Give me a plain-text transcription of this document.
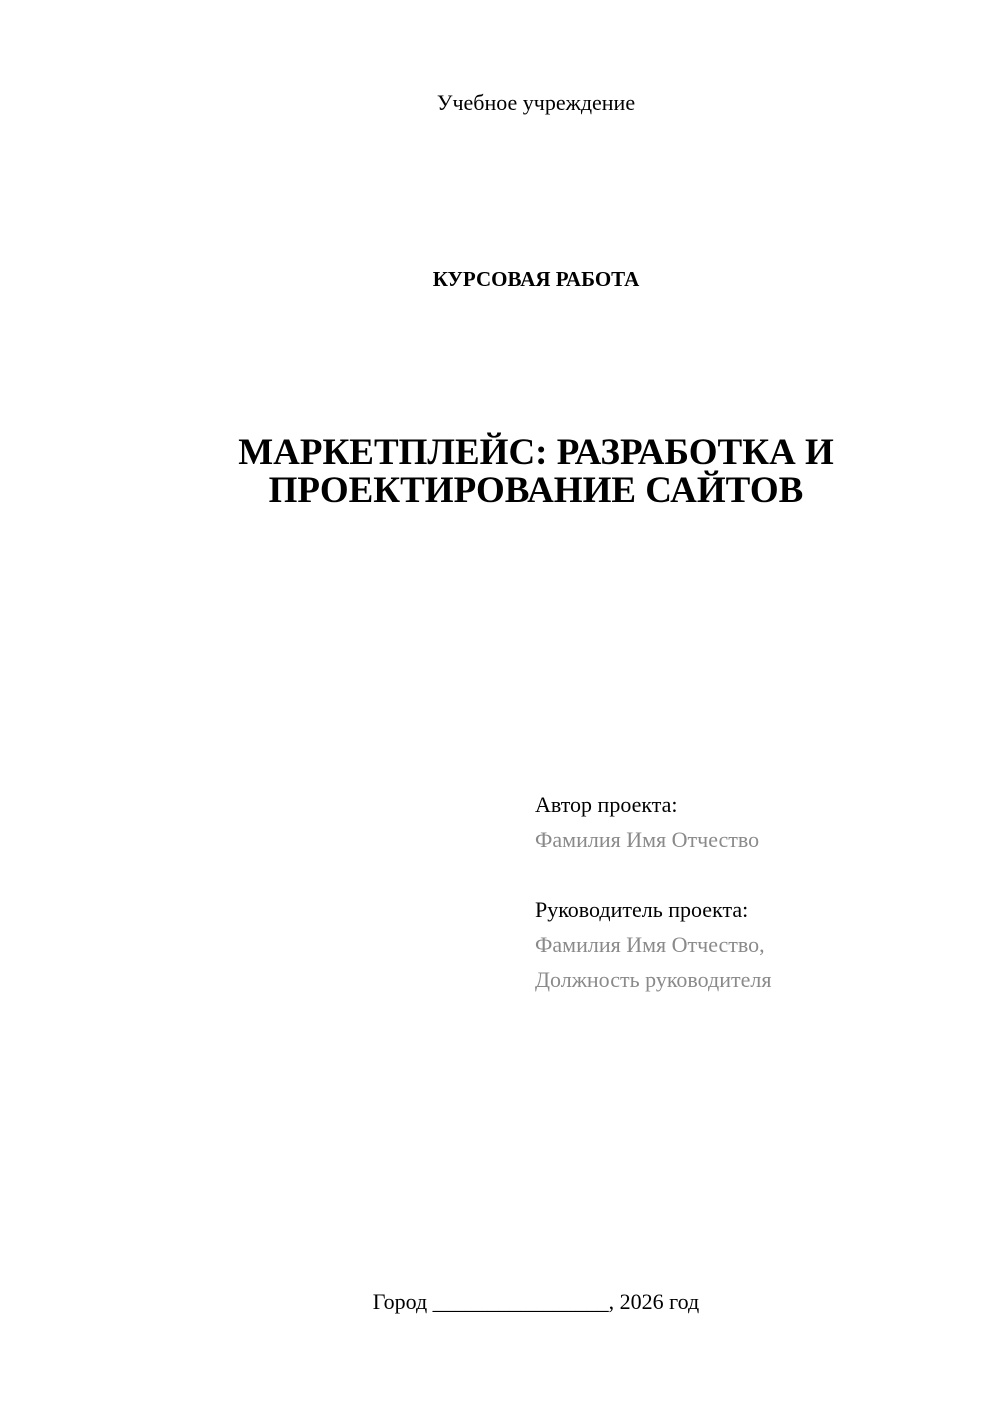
Учебное учреждение
КУРСОВАЯ РАБОТА
МАРКЕТПЛЕЙС: РАЗРАБОТКА И
ПРОЕКТИРОВАНИЕ САЙТОВ
Автор проекта:
Фамилия Имя Отчество
Руководитель проекта:
Фамилия Имя Отчество,
Должность руководителя
Город ________________, 2026 год
